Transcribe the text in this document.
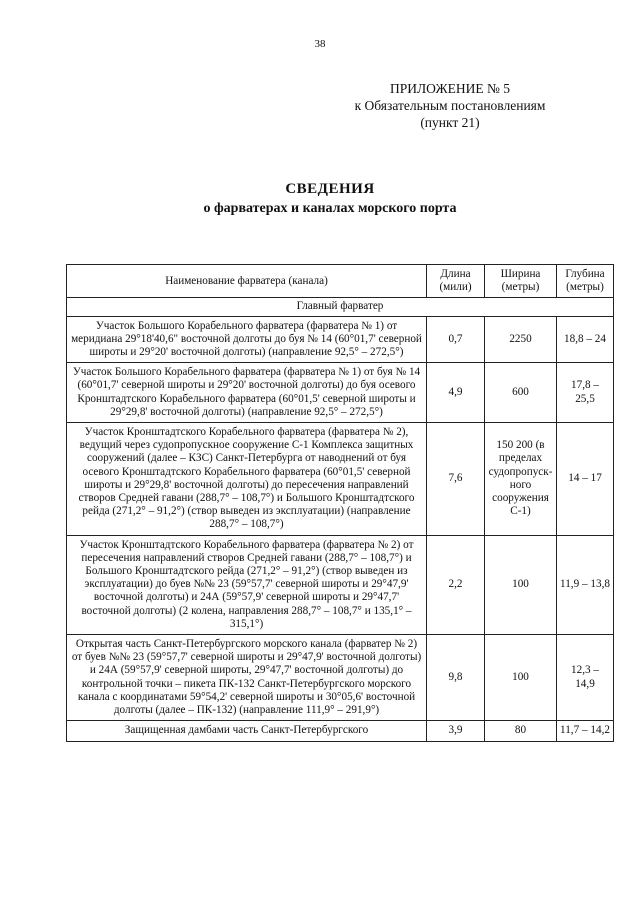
38
ПРИЛОЖЕНИЕ № 5
к Обязательным постановлениям
(пункт 21)
СВЕДЕНИЯ
о фарватерах и каналах морского порта
Наименование фарватера (канала)	Длина (мили)	Ширина (метры)	Глубина (метры)
Главный фарватер			
Участок Большого Корабельного фарватера (фарватера № 1) от меридиана 29°18'40,6" восточной долготы до буя № 14 (60°01,7' северной широты и 29°20' восточной долготы) (направление 92,5° – 272,5°)	0,7	2250	18,8 – 24
Участок Большого Корабельного фарватера (фарватера № 1) от буя № 14 (60°01,7' северной широты и 29°20' восточной долготы) до буя осевого Кронштадтского Корабельного фарватера (60°01,5' северной широты и 29°29,8' восточной долготы) (направление 92,5° – 272,5°)	4,9	600	17,8 – 25,5
Участок Кронштадтского Корабельного фарватера (фарватера № 2), ведущий через судопропускное сооружение С-1 Комплекса защитных сооружений (далее – КЗС) Санкт-Петербурга от наводнений от буя осевого Кронштадтского Корабельного фарватера (60°01,5' северной широты и 29°29,8' восточной долготы) до пересечения направлений створов Средней гавани (288,7° – 108,7°) и Большого Кронштадтского рейда (271,2° – 91,2°) (створ выведен из эксплуатации) (направление 288,7° – 108,7°)	7,6	150 200 (в пределах судопропуск-ного сооружения С-1)	14 – 17
Участок Кронштадтского Корабельного фарватера (фарватера № 2) от пересечения направлений створов Средней гавани (288,7° – 108,7°) и Большого Кронштадтского рейда (271,2° – 91,2°) (створ выведен из эксплуатации) до буев №№ 23 (59°57,7' северной широты и 29°47,9' восточной долготы) и 24А (59°57,9' северной широты и 29°47,7' восточной долготы) (2 колена, направления 288,7° – 108,7° и 135,1° – 315,1°)	2,2	100	11,9 – 13,8
Открытая часть Санкт-Петербургского морского канала (фарватер № 2) от буев №№ 23 (59°57,7' северной широты и 29°47,9' восточной долготы) и 24А (59°57,9' северной широты, 29°47,7' восточной долготы) до контрольной точки – пикета ПК-132 Санкт-Петербургского морского канала с координатами 59°54,2' северной широты и 30°05,6' восточной долготы (далее – ПК-132) (направление 111,9° – 291,9°)	9,8	100	12,3 – 14,9
Защищенная дамбами часть Санкт-Петербургского	3,9	80	11,7 – 14,2
